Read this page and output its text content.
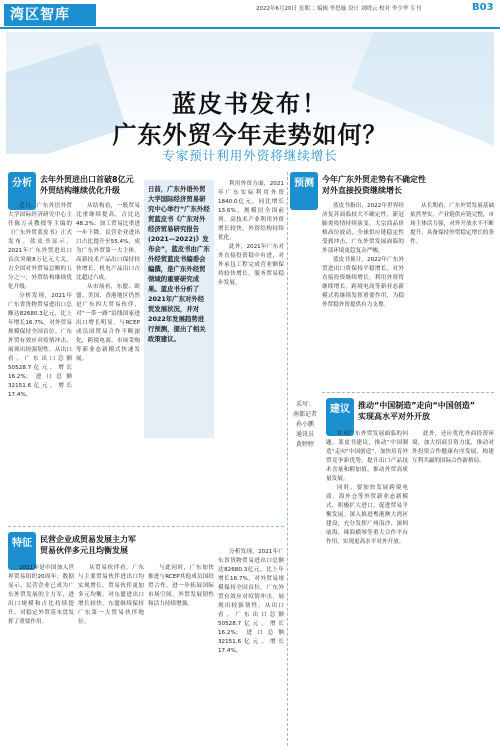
湾区智库	2022年6月20日 星期二 编辑 李思璇 设计 刘晓云 校对 李少华 专刊	B03
蓝皮书发布！
广东外贸今年走势如何？
专家预计利用外资将继续增长
分析	去年外贸进出口首破8亿元
外贸结构继续优化升级

近日，广东外语外贸大学国际经济研究中心主任陈万灵教授等主编的《广东外贸蓝皮书》正式发布。蓝皮书显示，2021年广东外贸进出口首次突破8万亿元大关，占全国对外贸易总额的五分之一，外贸结构继续优化升级。

分析发现，2021年广东省货物贸易进出口总额达82680.3亿元，比上年增长16.7%，对外贸易规模保持全国首位。广东外贸有效应对疫情冲击，展现出较强韧性。从出口看，广东出口总额50528.7亿元，增长16.2%；进口总额32151.6亿元，增长17.4%。

从结构看，一般贸易比重继续提高，占比达48.2%；加工贸易比重进一步下降。民营企业进出口占比提升至55.4%，成为广东外贸第一大主体。高新技术产品出口保持较快增长，机电产品出口占比超过六成。

从市场看，东盟、欧盟、美国、香港地区仍然是广东四大贸易伙伴，对“一带一路”沿线国家进出口增长明显。与RCEP成员国贸易合作不断深化，跨境电商、市场采购等新业态新模式快速发展。

日前，广东外语外贸大学国际经济贸易研究中心举行“广东外经贸蓝皮书《广东对外经济贸易研究报告(2021—2022)》发布会”，蓝皮书由广东外经贸蓝皮书编委会编撰，是广东外经贸领域的重要研究成果。蓝皮书分析了2021年广东对外经贸发展状况，并对2022年发展趋势进行预测，提出了相关政策建议。

利用外资方面，2021年广东实际利用外资1840.0亿元，同比增长13.6%，规模居全国前列。高技术产业利用外资增长较快，外资结构持续优化。

此外，2021年广东对外直接投资稳中有进，对外承包工程完成营业额保持较快增长，服务贸易稳步发展。

预测	今年广东外贸走势有不确定性
对外直接投资继续增长

蓝皮书指出，2022年世界经济复苏面临较大不确定性，新冠肺炎疫情持续演变，大宗商品价格高位波动，全球供应链稳定性受到冲击，广东外贸发展面临的外部环境更趋复杂严峻。

蓝皮书预计，2022年广东外贸进出口将保持平稳增长，对外直接投资继续增长，利用外资将继续增长。跨境电商等新业态新模式将继续发挥重要作用，为稳外贸稳外资提供有力支撑。

从长期看，广东外贸发展基础依然坚实，产业链供应链完整，市场主体活力强，对外开放水平不断提升，具备保持外贸稳定增长的条件。

采写：
南都记者
孙小鹏
通讯员
黄婷婷
建议	推动“中国制造”走向“中国创造”
实现高水平对外开放

针对广东外贸发展面临的问题，蓝皮书建议，推动“中国制造”走向“中国创造”，加快培育外贸竞争新优势，提升出口产品技术含量和附加值，推动外贸高质量发展。

同时，要加快发展跨境电商、海外仓等外贸新业态新模式，积极扩大进口，促进贸易平衡发展。深入推进粤港澳大湾区建设，充分发挥广州南沙、深圳前海、珠海横琴等重大合作平台作用，实现更高水平对外开放。

此外，还应优化外商投资环境，加大招商引资力度，推动对外投资合作健康有序发展，构建互利共赢的国际合作新格局。

特征	民营企业成贸易发展主力军
贸易伙伴多元且均衡发展

2021年是中国加入世界贸易组织20周年。数据显示，民营企业已成为广东外贸发展的主力军，进出口规模和占比持续提升，对稳定外贸基本盘发挥了重要作用。

从贸易伙伴看，广东与主要贸易伙伴进出口均实现增长，贸易伙伴更加多元均衡。对东盟进出口增长较快，东盟继续保持广东第一大贸易伙伴地位。

与此同时，广东加快推进与RCEP其他成员国经贸合作，进一步拓展国际市场空间，外贸发展韧性和活力持续增强。

分析发现，2021年广东省货物贸易进出口总额达82680.3亿元，比上年增长16.7%，对外贸易规模保持全国首位。广东外贸有效应对疫情冲击，展现出较强韧性。从出口看，广东出口总额50528.7亿元，增长16.2%；进口总额32151.6亿元，增长17.4%。
